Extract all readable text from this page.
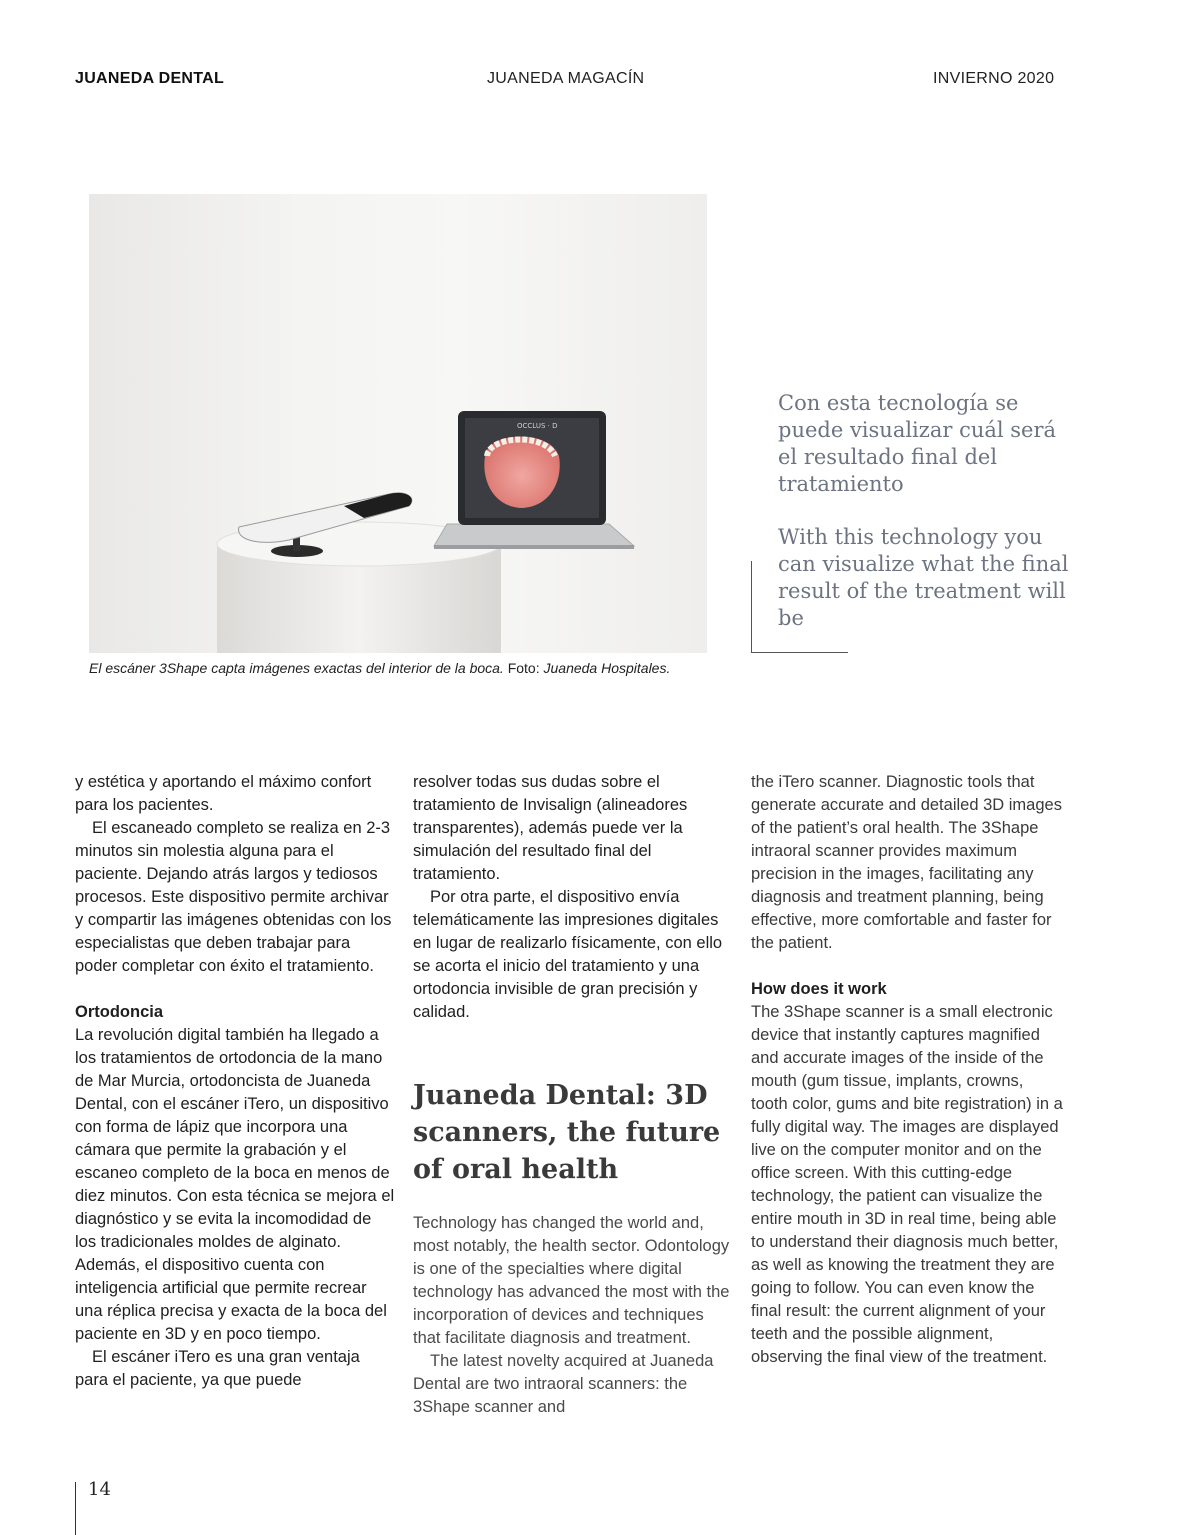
JUANEDA DENTAL	JUANEDA MAGACÍN	INVIERNO 2020
OCCLUS · D
El escáner 3Shape capta imágenes exactas del interior de la boca. Foto: Juaneda Hospitales.
Con esta tecnología se puede visualizar cuál será el resultado final del tratamiento
With this technology you can visualize what the final result of the treatment will be

y estética y aportando el máximo confort para los pacientes.

El escaneado completo se realiza en 2-3 minutos sin molestia alguna para el paciente. Dejando atrás largos y tediosos procesos. Este dispositivo permite archivar y compartir las imágenes obtenidas con los especialistas que deben trabajar para poder completar con éxito el tratamiento.

Ortodoncia

La revolución digital también ha llegado a los tratamientos de ortodoncia de la mano de Mar Murcia, ortodoncista de Juaneda Dental, con el escáner iTero, un dispositivo con forma de lápiz que incorpora una cámara que permite la grabación y el escaneo completo de la boca en menos de diez minutos. Con esta técnica se mejora el diagnóstico y se evita la incomodidad de los tradicionales moldes de alginato. Además, el dispositivo cuenta con inteligencia artificial que permite recrear una réplica precisa y exacta de la boca del paciente en 3D y en poco tiempo.

El escáner iTero es una gran ventaja para el paciente, ya que puede

resolver todas sus dudas sobre el tratamiento de Invisalign (alineadores transparentes), además puede ver la simulación del resultado final del tratamiento.

Por otra parte, el dispositivo envía telemáticamente las impresiones digitales en lugar de realizarlo físicamente, con ello se acorta el inicio del tratamiento y una ortodoncia invisible de gran precisión y calidad.

Juaneda Dental: 3D scanners, the future of oral health

Technology has changed the world and, most notably, the health sector. Odontology is one of the specialties where digital technology has advanced the most with the incorporation of devices and techniques that facilitate diagnosis and treatment.

The latest novelty acquired at Juaneda Dental are two intraoral scanners: the 3Shape scanner and

the iTero scanner. Diagnostic tools that generate accurate and detailed 3D images of the patient’s oral health. The 3Shape intraoral scanner provides maximum precision in the images, facilitating any diagnosis and treatment planning, being effective, more comfortable and faster for the patient.

How does it work

The 3Shape scanner is a small electronic device that instantly captures magnified and accurate images of the inside of the mouth (gum tissue, implants, crowns, tooth color, gums and bite registration) in a fully digital way. The images are displayed live on the computer monitor and on the office screen. With this cutting-edge technology, the patient can visualize the entire mouth in 3D in real time, being able to understand their diagnosis much better, as well as knowing the treatment they are going to follow. You can even know the final result: the current alignment of your teeth and the possible alignment, observing the final view of the treatment.

14
